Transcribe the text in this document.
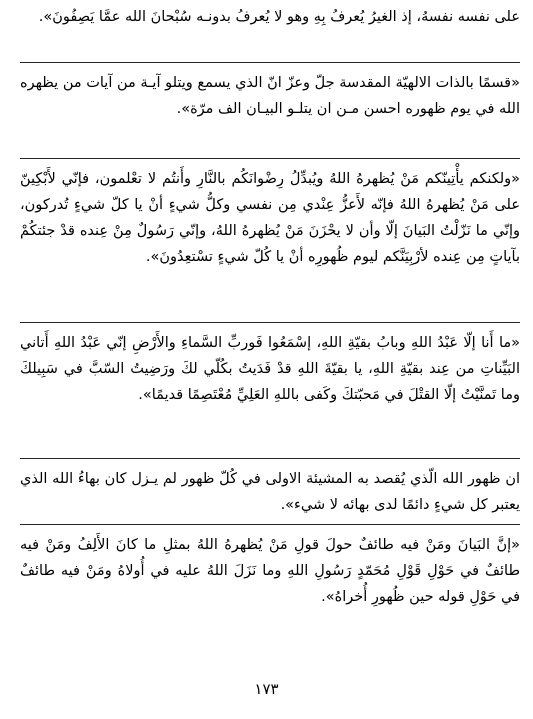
على نفسه نفسهُ، إذ الغيرُ يُعرفُ بِهِ وهو لا يُعرفُ بدونـه سُبْحانَ الله عمَّا يَصِفُونَ».

«قسمًا بالذات الالهيّة المقدسة جلّ وعزّ انّ الذي يسمع ويتلو آيـة من آيات من يظهره الله في يوم ظهوره احسن مـن ان يتلـو البيـان الف مرّة».

«ولكنكم يأْتِينّكم مَنْ يُظهرهُ اللهُ ويُبدِّلُ رِضْوانَكُم بالنَّارِ وأَنتُم لا تعْلمون، فإنّي لأَبْكِينّ على مَنْ يُظهرهُ اللهُ فإنّه لأَعزُّ عِنْدي مِن نفسي وكلُّ شيءٍ أنْ يا كلّ شيءٍ تُدركون، وإنّي ما نَزّلْتُ البَيانَ إلّا وأن لا يحْزَنَ مَنْ يُظهرهُ اللهُ، وإنّي رَسُولٌ مِنْ عِنده قدْ جئتكُمْ بآياتٍ مِن عِنده لأرْبِيَنَّكم ليوم ظُهورِه أنْ يا كُلّ شيءٍ تسْتعِدُونَ».

«ما أَنا إلّا عَبْدُ اللهِ وبابُ بقيّةِ اللهِ، إسْمَعُوا فَوربِّ السَّماءِ والأَرْضِ إنّي عَبْدُ اللهِ أَتاني البَيِّناتِ من عِند بقيّةِ اللهِ، يا بقيّةَ اللهِ قدْ فَدَيتُ بكُلّي لكَ ورَضِيتُ السّبَّ في سَبِيلكَ وما تَمنَّيْتُ إلّا القتْلَ في مَحبّتكَ وكَفى باللهِ العَلِيِّ مُعْتَصِمًا قديمًا».

ان ظهور الله الّذي يُقصد به المشيئة الاولى في كُلّ ظهور لم يـزل كان بهاءُ الله الذي يعتبر كل شيءٍ دائمًا لدى بهائه لا شيء».

«إنَّ البَيانَ ومَنْ فيه طائفٌ حولَ قولِ مَنْ يُظهرهُ اللهُ بمثلِ ما كانَ الأَلِفُ ومَنْ فيه طائفٌ في حَوْلِ قَوْلِ مُحَمّدٍ رَسُولِ اللهِ وما نَزَلَ اللهُ عليه في أُولاهُ ومَنْ فيه طائفٌ في حَوْلِ قوله حين ظُهورِ أُخراهُ».

١٧٣
